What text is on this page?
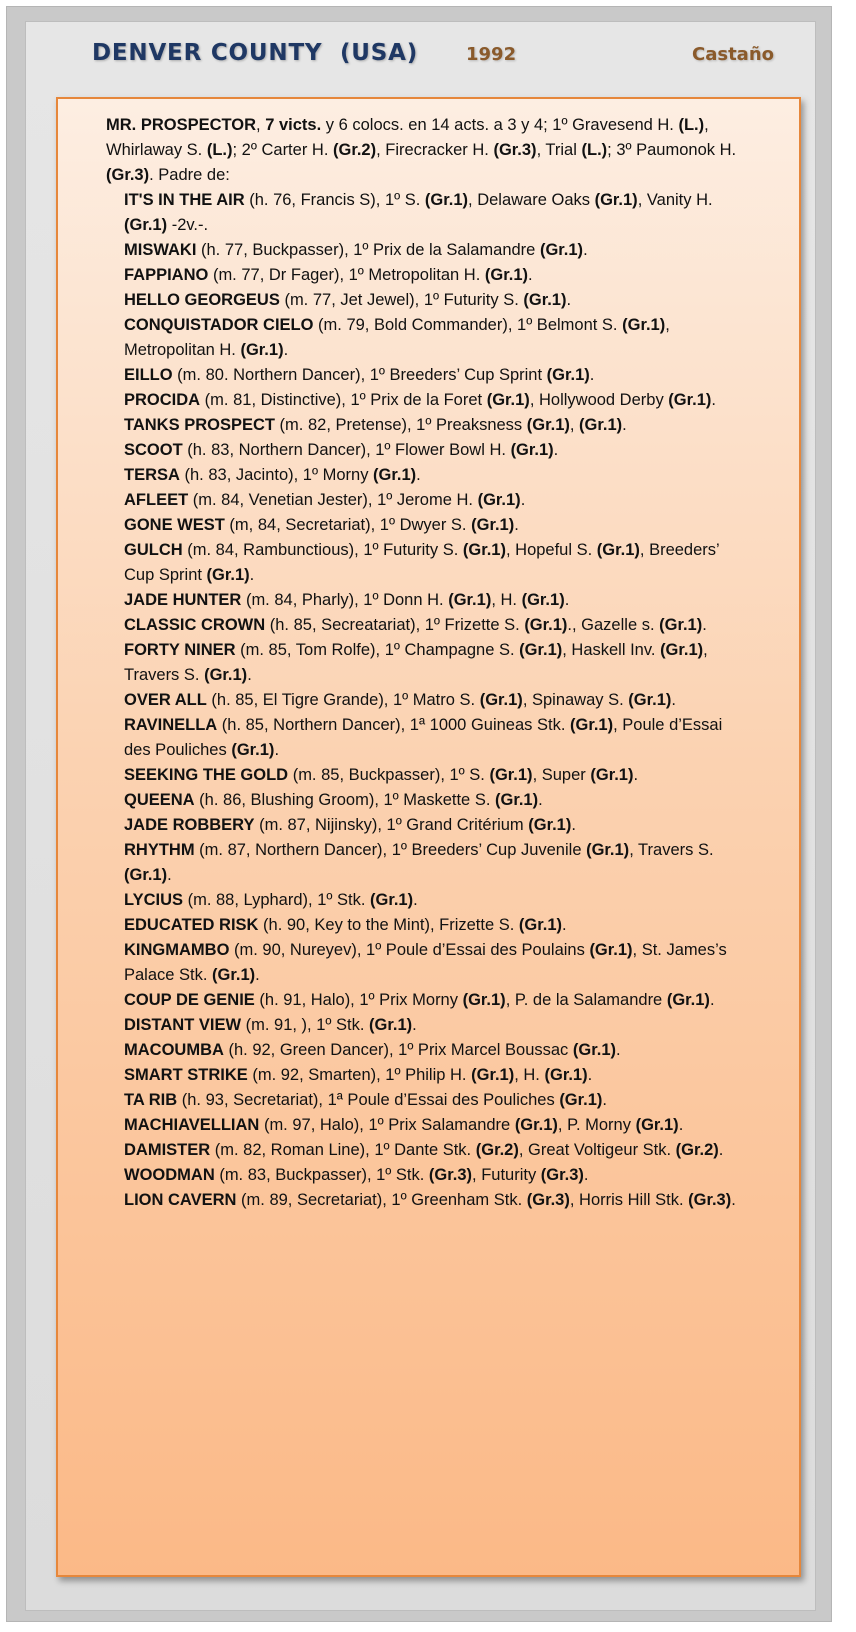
DENVER COUNTY  (USA)	1992	Castaño

MR. PROSPECTOR, 7 victs. y 6 colocs. en 14 acts. a 3 y 4; 1º Gravesend H. (L.), Whirlaway S. (L.); 2º Carter H. (Gr.2), Firecracker H. (Gr.3), Trial (L.); 3º Paumonok H. (Gr.3). Padre de:

IT'S IN THE AIR (h. 76, Francis S), 1º S. (Gr.1), Delaware Oaks (Gr.1), Vanity H. (Gr.1) -2v.-.

MISWAKI (h. 77, Buckpasser), 1º Prix de la Salamandre (Gr.1).

FAPPIANO (m. 77, Dr Fager), 1º Metropolitan H. (Gr.1).

HELLO GEORGEUS (m. 77, Jet Jewel), 1º Futurity S. (Gr.1).

CONQUISTADOR CIELO (m. 79, Bold Commander), 1º Belmont S. (Gr.1), Metropolitan H. (Gr.1).

EILLO (m. 80. Northern Dancer), 1º Breeders’ Cup Sprint (Gr.1).

PROCIDA (m. 81, Distinctive), 1º Prix de la Foret (Gr.1), Hollywood Derby (Gr.1).

TANKS PROSPECT (m. 82, Pretense), 1º Preaksness (Gr.1), (Gr.1).

SCOOT (h. 83, Northern Dancer), 1º Flower Bowl H. (Gr.1).

TERSA (h. 83, Jacinto), 1º Morny (Gr.1).

AFLEET (m. 84, Venetian Jester), 1º Jerome H. (Gr.1).

GONE WEST (m, 84, Secretariat), 1º Dwyer S. (Gr.1).

GULCH (m. 84, Rambunctious), 1º Futurity S. (Gr.1), Hopeful S. (Gr.1), Breeders’ Cup Sprint (Gr.1).

JADE HUNTER (m. 84, Pharly), 1º Donn H. (Gr.1), H. (Gr.1).

CLASSIC CROWN (h. 85, Secreatariat), 1º Frizette S. (Gr.1)., Gazelle s. (Gr.1).

FORTY NINER (m. 85, Tom Rolfe), 1º Champagne S. (Gr.1), Haskell Inv. (Gr.1), Travers S. (Gr.1).

OVER ALL (h. 85, El Tigre Grande), 1º Matro S. (Gr.1), Spinaway S. (Gr.1).

RAVINELLA (h. 85, Northern Dancer), 1ª 1000 Guineas Stk. (Gr.1), Poule d’Essai des Pouliches (Gr.1).

SEEKING THE GOLD (m. 85, Buckpasser), 1º S. (Gr.1), Super (Gr.1).

QUEENA (h. 86, Blushing Groom), 1º Maskette S. (Gr.1).

JADE ROBBERY (m. 87, Nijinsky), 1º Grand Critérium (Gr.1).

RHYTHM (m. 87, Northern Dancer), 1º Breeders’ Cup Juvenile (Gr.1), Travers S. (Gr.1).

LYCIUS (m. 88, Lyphard), 1º Stk. (Gr.1).

EDUCATED RISK (h. 90, Key to the Mint), Frizette S. (Gr.1).

KINGMAMBO (m. 90, Nureyev), 1º Poule d’Essai des Poulains (Gr.1), St. James’s Palace Stk. (Gr.1).

COUP DE GENIE (h. 91, Halo), 1º Prix Morny (Gr.1), P. de la Salamandre (Gr.1).

DISTANT VIEW (m. 91, ), 1º Stk. (Gr.1).

MACOUMBA (h. 92, Green Dancer), 1º Prix Marcel Boussac (Gr.1).

SMART STRIKE (m. 92, Smarten), 1º Philip H. (Gr.1), H. (Gr.1).

TA RIB (h. 93, Secretariat), 1ª Poule d’Essai des Pouliches (Gr.1).

MACHIAVELLIAN (m. 97, Halo), 1º Prix Salamandre (Gr.1), P. Morny (Gr.1).

DAMISTER (m. 82, Roman Line), 1º Dante Stk. (Gr.2), Great Voltigeur Stk. (Gr.2).

WOODMAN (m. 83, Buckpasser), 1º Stk. (Gr.3), Futurity (Gr.3).

LION CAVERN (m. 89, Secretariat), 1º Greenham Stk. (Gr.3), Horris Hill Stk. (Gr.3).
